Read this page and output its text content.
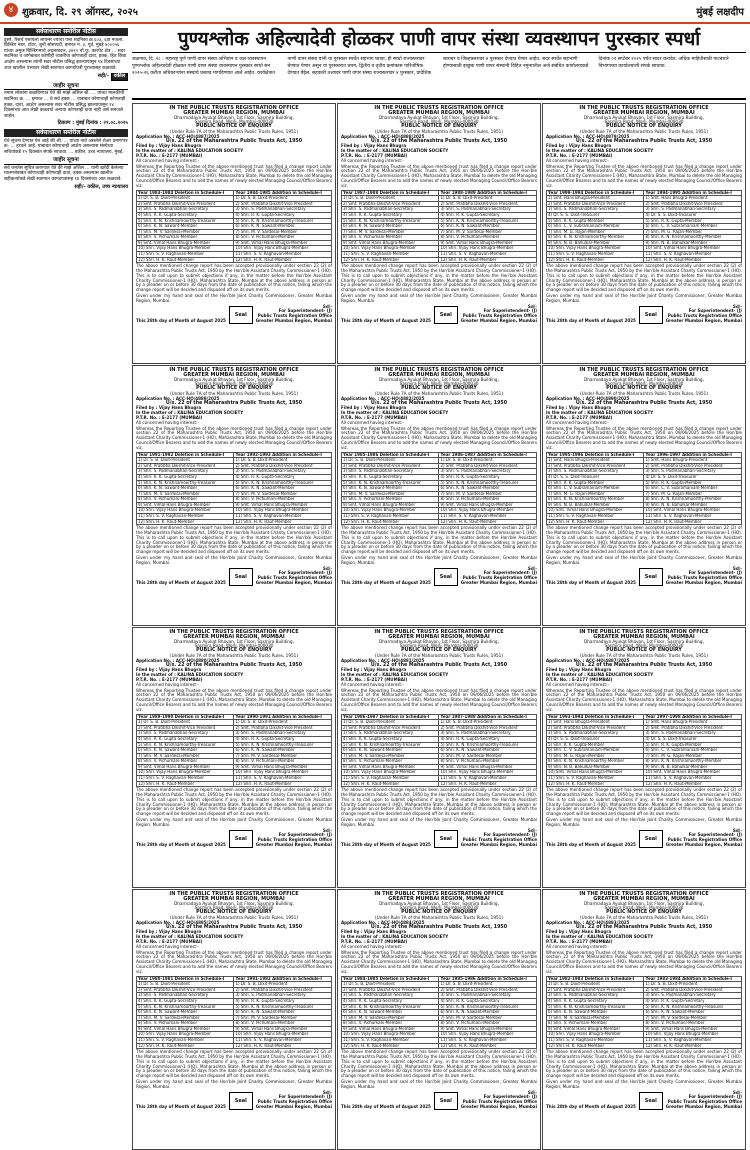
४ शुक्रवार, दि. २९ ऑगस्ट, २०२५	मुंबई लक्षदीप
सर्वसाधारण समोरील नोटीस

दुसरे, रिसर्च एसायला लायन्स ज्याचा पत्ता सदनिका क्र.६०३, ६वा मजला, बिल्डिंग नंबर, टॉवर, जुनी सोसायटी, इमारत नं. ३, पूर्व, मुंबई ४०००५६ यांच्या अमुक बिल्डिंगमध्ये अदलाबदल, ३४९२ चौ.फू. कारपेट क्षेत्र ... सदर सदनिका व जागेबाबत कोणीही व्यक्तीचा कोणताही दावा, हक्क, हित किंवा आक्षेप असल्यास त्यांनी सदर नोटीस प्रसिद्ध झाल्यापासून १४ दिवसांच्या आत खालील पत्त्यावर लेखी स्वरुपात कागदोपत्री पुराव्यासह कळवावे.

सही/- वकील
जाहीर सूचना

तमाम लोकांना कळविण्यात येते की माझे अशिल श्री. ... यांच्या मालकीची सदनिका क्र. ... इमारत ... चे सर्व हक्क ... याबाबत कोणाचाही कोणताही हक्क, दावा, आक्षेप असल्यास सदर नोटीस प्रसिद्ध झाल्यापासून १४ दिवसांच्या आत लेखी कळवावे अन्यथा कोणताही दावा नाही असे समजले जाईल.

ठिकाण : मुंबई दिनांक : २९.०८.२०२५
सर्वसाधारण समोरील नोटीस

येथे सूचना देण्यात येत आहे की श्री. ... यांच्या नावे असलेले शेअर प्रमाणपत्र क्र. ... हरवले आहे. याबाबत कोणाचाही आक्षेप असल्यास संस्थेच्या सचिवांकडे १५ दिवसांत संपर्क साधावा. ... वकील, उच्च न्यायालय, मुंबई.

जाहीर सूचना

सर्व जनतेस सूचित करण्यात येते की माझे अशिल ... यांनी खरेदी केलेल्या मालमत्तेबाबत कोणाचाही कोणताही दावा, हक्क असल्यास खालील सहीकर्त्याकडे लेखी स्वरुपात कागदपत्रांसह १४ दिवसांच्या आत कळवावे.

सही/- वकील, उच्च न्यायालय
पुण्यश्लोक अहिल्यादेवी होळकर पाणी वापर संस्था व्यवस्थापन पुरस्कार स्पर्धा
जळगाव, दि. २८ : महाराष्ट्र पुणे पाणी वापर संस्था अभियान व जल व्यवस्थापन पुण्यश्लोक अहिल्यादेवी होळकर पाणी वापर संस्था व्यवस्थापन पुरस्कार स्पर्धा सन २०२५-२६ करीता अधिकाऱ्यांना संस्थांचे प्रस्ताव मागविण्यात आले आहेत. कार्यक्षेत्रात पाणी वापर संस्था यांनी या पुरस्कार स्पर्धेत सहभाग घ्यावा. ही स्पर्धा राज्यस्तरावर घेण्यात येणार असून या पुरस्कारात प्रथम, द्वितीय व तृतीय क्रमांकास पारितोषिक देण्यात येईल. सहकारी तत्त्वावर पाणी वापर संस्था राज्यस्तरावर ४ पुरस्कार, प्रादेशिक स्तरावर व जिल्हास्तरावर ४ पुरस्कार देण्यात येणार आहेत. सदर स्पर्धेत सहभागी होण्यासाठी इच्छुक पाणी वापर संस्थांनी विहित नमुन्यातील अर्ज संबंधित कार्यालयाकडे दिनांक ०१ सप्टेंबर २०२५ पर्यंत सादर करावेत. अधिक माहितीसाठी पाटबंधारे विभागाच्या कार्यालयाशी संपर्क साधावा.
IN THE PUBLIC TRUSTS REGISTRATION OFFICE
GREATER MUMBAI REGION, MUMBAI
Dharmadaya Ayukat Bhavan, 1st Floor, Sasmira Building,
Sasmira Road, Worli, Mumbai-400030
PUBLIC NOTICE OF ENQUIRY
(Under Rule 7A of the Maharashtra Public Trusts Rules, 1951)
Application No. :
ACC-HO/4887/2025
U/s. 22 of the Maharashtra Public Trusts Act, 1950
Filed by :
Vijay Hans Bhugra
In the matter of :
KALINA EDUCATION SOCIETY
P.T.R. No. :
E-2177 (MUMBAI)
All concerned having interest:-
Whereas the Reporting Trustee of the above mentioned trust has filed a change report under section 22 of the Maharashtra Public Trusts Act, 1950 on 09/06/2025 before the Hon'ble Assistant Charity Commissioner-1 (HO), Maharashtra State, Mumbai to delete the old Managing Council/Office Bearers and to add the names of newly elected Managing Council/Office Bearers viz.
Year 1983-1984 Deletion in Schedule-I	Year 1984-1985 Addition in Schedule-I
1) Dr. S. B. Dixit-President	1) Dr. S. B. Dixit-President
2) Smt. Pratibha Dikshit-Vice President	2) Smt. Pratibha Dikshit-Vice President
3) Shri. S. Padmanabhan-Secretary	3) Shri. S. Padmanabhan-Secretary
4) Shri. R. K. Gupta-Secretary	4) Shri. R. K. Gupta-Secretary
5) Shri. K. N. Krishnamoorthy-Treasurer	5) Shri. K. N. Krishnamoorthy-Treasurer
6) Shri. K. N. Sawant-Member	6) Shri. K. N. Sawant-Member
7) Shri. M. V. Sardesai-Member	7) Shri. M. V. Sardesai-Member
8) Shri. V. Pichumani-Member	8) Shri. V. Pichumani-Member
9) Smt. Vimal Hans Bhugra-Member	9) Smt. Vimal Hans Bhugra-Member
10) Shri. Vijay Hans Bhugra-Member	10) Shri. Vijay Hans Bhugra-Member
11) Shri. S. V. Raghavan-Member	11) Shri. S. V. Raghavan-Member
12) Shri. H. K. Raut-Member	12) Shri. H. K. Raut-Member
The above mentioned change report has been accepted provisionally under section 22 (2) of the Maharashtra Public Trusts Act, 1950 by the Hon'ble Assistant Charity Commissioner-1 (HO). This is to call upon to submit objections if any, in the matter before the Hon'ble Assistant Charity Commissioner-1 (HO), Maharashtra State, Mumbai at the above address in person or by a pleader on or before 30 days from the date of publication of this notice, failing which the change report will be decided and disposed off on its own merits.
Given under my hand and seal of the Hon'ble Joint Charity Commissioner, Greater Mumbai Region, Mumbai.
This 28th day of Month of August 2025
Seal
Sd/-
For Superintendent- (J)
Public Trusts Registration Office
Greater Mumbai Region, Mumbai
IN THE PUBLIC TRUSTS REGISTRATION OFFICE
GREATER MUMBAI REGION, MUMBAI
Dharmadaya Ayukat Bhavan, 1st Floor, Sasmira Building,
Sasmira Road, Worli, Mumbai-400030
PUBLIC NOTICE OF ENQUIRY
(Under Rule 7A of the Maharashtra Public Trusts Rules, 1951)
Application No. :
ACC-HO/4888/2025
U/s. 22 of the Maharashtra Public Trusts Act, 1950
Filed by :
Vijay Hans Bhugra
In the matter of :
KALINA EDUCATION SOCIETY
P.T.R. No. :
E-2177 (MUMBAI)
All concerned having interest:-
Whereas the Reporting Trustee of the above mentioned trust has filed a change report under section 22 of the Maharashtra Public Trusts Act, 1950 on 09/06/2025 before the Hon'ble Assistant Charity Commissioner-1 (HO), Maharashtra State, Mumbai to delete the old Managing Council/Office Bearers and to add the names of newly elected Managing Council/Office Bearers viz.
Year 1987-1988 Deletion in Schedule-I	Year 1988-1989 Addition in Schedule-I
1) Dr. S. B. Dixit-President	1) Dr. S. B. Dixit-President
2) Smt. Pratibha Dikshit-Vice President	2) Smt. Pratibha Dikshit-Vice President
3) Shri. S. Padmanabhan-Secretary	3) Shri. S. Padmanabhan-Secretary
4) Shri. R. K. Gupta-Secretary	4) Shri. R. K. Gupta-Secretary
5) Shri. K. N. Krishnamoorthy-Treasurer	5) Shri. K. N. Krishnamoorthy-Treasurer
6) Shri. K. N. Sawant-Member	6) Shri. K. N. Sawant-Member
7) Shri. M. V. Sardesai-Member	7) Shri. M. V. Sardesai-Member
8) Shri. V. Pichumani-Member	8) Shri. V. Pichumani-Member
9) Smt. Vimal Hans Bhugra-Member	9) Smt. Vimal Hans Bhugra-Member
10) Shri. Vijay Hans Bhugra-Member	10) Shri. Vijay Hans Bhugra-Member
11) Shri. S. V. Raghavan-Member	11) Shri. S. V. Raghavan-Member
12) Shri. H. K. Raut-Member	12) Shri. H. K. Raut-Member
The above mentioned change report has been accepted provisionally under section 22 (2) of the Maharashtra Public Trusts Act, 1950 by the Hon'ble Assistant Charity Commissioner-1 (HO). This is to call upon to submit objections if any, in the matter before the Hon'ble Assistant Charity Commissioner-1 (HO), Maharashtra State, Mumbai at the above address in person or by a pleader on or before 30 days from the date of publication of this notice, failing which the change report will be decided and disposed off on its own merits.
Given under my hand and seal of the Hon'ble Joint Charity Commissioner, Greater Mumbai Region, Mumbai.
This 28th day of Month of August 2025
Seal
Sd/-
For Superintendent- (J)
Public Trusts Registration Office
Greater Mumbai Region, Mumbai
IN THE PUBLIC TRUSTS REGISTRATION OFFICE
GREATER MUMBAI REGION, MUMBAI
Dharmadaya Ayukat Bhavan, 1st Floor, Sasmira Building,
Sasmira Road, Worli, Mumbai-400030
PUBLIC NOTICE OF ENQUIRY
(Under Rule 7A of the Maharashtra Public Trusts Rules, 1951)
Application No. :
ACC-HO/4879/2025
U/s. 22 of the Maharashtra Public Trusts Act, 1950
Filed by :
Vijay Hans Bhugra
In the matter of :
KALINA EDUCATION SOCIETY
P.T.R. No. :
E-2177 (MUMBAI)
All concerned having interest:-
Whereas the Reporting Trustee of the above mentioned trust has filed a change report under section 22 of the Maharashtra Public Trusts Act, 1950 on 09/06/2025 before the Hon'ble Assistant Charity Commissioner-1 (HO), Maharashtra State, Mumbai to delete the old Managing Council/Office Bearers and to add the names of newly elected Managing Council/Office Bearers viz.
Year 1999-1994 Deletion in Schedule-I	Year 1994-1995 Addition in Schedule-I
1) Smt. Hans Bhugra-President	1) Smt. Hans Bhugra-President
2) Smt. Pratibha Dikshit-Vice President	2) Smt. Pratibha Dikshit-Vice President
3) Shri. S. Padmanabhan-Secretary	3) Shri. S. Padmanabhan-Secretary
4) Dr. S. S. Dixit-Treasurer	4) Dr. S. S. Dixit-Treasurer
5) Shri. R. K. Gupta-Member	5) Shri. R. K. Gupta-Member
6) Shri. C. V. Subramaniam-Member	6) Shri. C. V. Subramaniam-Member
7) Shri. M. G. Rajan-Member	7) Shri. M. G. Rajan-Member
8) Shri. K. N. Krishnamoorthy-Member	8) Shri. K. N. Krishnamoorthy-Member
9) Shri. N. B. Bahulkar-Member	9) Shri. N. B. Bahulkar-Member
10) Shri. Vijay Hans Bhugra-Member	10) Smt. Vimal Hans Bhugra-Member
11) Shri. S. V. Raghavan-Member	11) Shri. S. V. Raghavan-Member
12) Shri. H. K. Raut-Member	12) Shri. H. K. Raut-Member
The above mentioned change report has been accepted provisionally under section 22 (2) of the Maharashtra Public Trusts Act, 1950 by the Hon'ble Assistant Charity Commissioner-1 (HO). This is to call upon to submit objections if any, in the matter before the Hon'ble Assistant Charity Commissioner-1 (HO), Maharashtra State, Mumbai at the above address in person or by a pleader on or before 30 days from the date of publication of this notice, failing which the change report will be decided and disposed off on its own merits.
Given under my hand and seal of the Hon'ble Joint Charity Commissioner, Greater Mumbai Region, Mumbai.
This 28th day of Month of August 2025
Seal
Sd/-
For Superintendent- (J)
Public Trusts Registration Office
Greater Mumbai Region, Mumbai
IN THE PUBLIC TRUSTS REGISTRATION OFFICE
GREATER MUMBAI REGION, MUMBAI
Dharmadaya Ayukat Bhavan, 1st Floor, Sasmira Building,
Sasmira Road, Worli, Mumbai-400030
PUBLIC NOTICE OF ENQUIRY
(Under Rule 7A of the Maharashtra Public Trusts Rules, 1951)
Application No. :
ACC-HO/4889/2025
U/s. 22 of the Maharashtra Public Trusts Act, 1950
Filed by :
Vijay Hans Bhugra
In the matter of :
KALINA EDUCATION SOCIETY
P.T.R. No. :
E-2177 (MUMBAI)
All concerned having interest:-
Whereas the Reporting Trustee of the above mentioned trust has filed a change report under section 22 of the Maharashtra Public Trusts Act, 1950 on 09/06/2025 before the Hon'ble Assistant Charity Commissioner-1 (HO), Maharashtra State, Mumbai to delete the old Managing Council/Office Bearers and to add the names of newly elected Managing Council/Office Bearers viz.
Year 1991-1992 Deletion in Schedule-I	Year 1992-1993 Addition in Schedule-I
1) Dr. S. B. Dixit-President	1) Dr. S. B. Dixit-President
2) Smt. Pratibha Dikshit-Vice President	2) Smt. Pratibha Dikshit-Vice President
3) Shri. S. Padmanabhan-Secretary	3) Shri. S. Padmanabhan-Secretary
4) Shri. R. K. Gupta-Secretary	4) Shri. R. K. Gupta-Secretary
5) Shri. K. N. Krishnamoorthy-Treasurer	5) Shri. K. N. Krishnamoorthy-Treasurer
6) Shri. K. N. Sawant-Member	6) Shri. K. N. Sawant-Member
7) Shri. M. V. Sardesai-Member	7) Shri. M. V. Sardesai-Member
8) Shri. V. Pichumani-Member	8) Shri. V. Pichumani-Member
9) Smt. Vimal Hans Bhugra-Member	9) Smt. Vimal Hans Bhugra-Member
10) Shri. Vijay Hans Bhugra-Member	10) Shri. Vijay Hans Bhugra-Member
11) Shri. S. V. Raghavan-Member	11) Shri. S. V. Raghavan-Member
12) Shri. H. K. Raut-Member	12) Shri. H. K. Raut-Member
The above mentioned change report has been accepted provisionally under section 22 (2) of the Maharashtra Public Trusts Act, 1950 by the Hon'ble Assistant Charity Commissioner-1 (HO). This is to call upon to submit objections if any, in the matter before the Hon'ble Assistant Charity Commissioner-1 (HO), Maharashtra State, Mumbai at the above address in person or by a pleader on or before 30 days from the date of publication of this notice, failing which the change report will be decided and disposed off on its own merits.
Given under my hand and seal of the Hon'ble Joint Charity Commissioner, Greater Mumbai Region, Mumbai.
This 28th day of Month of August 2025
Seal
Sd/-
For Superintendent- (J)
Public Trusts Registration Office
Greater Mumbai Region, Mumbai
IN THE PUBLIC TRUSTS REGISTRATION OFFICE
GREATER MUMBAI REGION, MUMBAI
Dharmadaya Ayukat Bhavan, 1st Floor, Sasmira Building,
Sasmira Road, Worli, Mumbai-400030
PUBLIC NOTICE OF ENQUIRY
(Under Rule 7A of the Maharashtra Public Trusts Rules, 1951)
Application No. :
ACC-HO/4882/2025
U/s. 22 of the Maharashtra Public Trusts Act, 1950
Filed by :
Vijay Hans Bhugra
In the matter of :
KALINA EDUCATION SOCIETY
P.T.R. No. :
E-2177 (MUMBAI)
All concerned having interest:-
Whereas the Reporting Trustee of the above mentioned trust has filed a change report under section 22 of the Maharashtra Public Trusts Act, 1950 on 09/06/2025 before the Hon'ble Assistant Charity Commissioner-1 (HO), Maharashtra State, Mumbai to delete the old Managing Council/Office Bearers and to add the names of newly elected Managing Council/Office Bearers viz.
Year 1985-1986 Deletion in Schedule-I	Year 1986-1987 Addition in Schedule-I
1) Dr. S. B. Dixit-President	1) Dr. S. B. Dixit-President
2) Smt. Pratibha Dikshit-Vice President	2) Smt. Pratibha Dikshit-Vice President
3) Shri. S. Padmanabhan-Secretary	3) Shri. S. Padmanabhan-Secretary
4) Shri. R. K. Gupta-Secretary	4) Shri. R. K. Gupta-Secretary
5) Shri. K. N. Krishnamoorthy-Treasurer	5) Shri. K. N. Krishnamoorthy-Treasurer
6) Shri. K. N. Sawant-Member	6) Shri. K. N. Sawant-Member
7) Shri. M. V. Sardesai-Member	7) Shri. M. V. Sardesai-Member
8) Shri. V. Pichumani-Member	8) Shri. V. Pichumani-Member
9) Smt. Vimal Hans Bhugra-Member	9) Smt. Vimal Hans Bhugra-Member
10) Shri. Vijay Hans Bhugra-Member	10) Shri. Vijay Hans Bhugra-Member
11) Shri. S. V. Raghavan-Member	11) Shri. S. V. Raghavan-Member
12) Shri. H. K. Raut-Member	12) Shri. H. K. Raut-Member
The above mentioned change report has been accepted provisionally under section 22 (2) of the Maharashtra Public Trusts Act, 1950 by the Hon'ble Assistant Charity Commissioner-1 (HO). This is to call upon to submit objections if any, in the matter before the Hon'ble Assistant Charity Commissioner-1 (HO), Maharashtra State, Mumbai at the above address in person or by a pleader on or before 30 days from the date of publication of this notice, failing which the change report will be decided and disposed off on its own merits.
Given under my hand and seal of the Hon'ble Joint Charity Commissioner, Greater Mumbai Region, Mumbai.
This 28th day of Month of August 2025
Seal
Sd/-
For Superintendent- (J)
Public Trusts Registration Office
Greater Mumbai Region, Mumbai
IN THE PUBLIC TRUSTS REGISTRATION OFFICE
GREATER MUMBAI REGION, MUMBAI
Dharmadaya Ayukat Bhavan, 1st Floor, Sasmira Building,
Sasmira Road, Worli, Mumbai-400030
PUBLIC NOTICE OF ENQUIRY
(Under Rule 7A of the Maharashtra Public Trusts Rules, 1951)
Application No. :
ACC-HO/4890/2025
U/s. 22 of the Maharashtra Public Trusts Act, 1950
Filed by :
Vijay Hans Bhugra
In the matter of :
KALINA EDUCATION SOCIETY
P.T.R. No. :
E-2177 (MUMBAI)
All concerned having interest:-
Whereas the Reporting Trustee of the above mentioned trust has filed a change report under section 22 of the Maharashtra Public Trusts Act, 1950 on 09/06/2025 before the Hon'ble Assistant Charity Commissioner-1 (HO), Maharashtra State, Mumbai to delete the old Managing Council/Office Bearers and to add the names of newly elected Managing Council/Office Bearers viz.
Year 1995-1996 Deletion in Schedule-I	Year 1996-1997 Addition in Schedule-I
1) Smt. Hans Bhugra-President	1) Smt. Hans Bhugra-President
2) Smt. Pratibha Dikshit-Vice President	2) Smt. Pratibha Dikshit-Vice President
3) Shri. S. Padmanabhan-Secretary	3) Shri. S. Padmanabhan-Secretary
4) Dr. S. S. Dixit-Treasurer	4) Dr. S. S. Dixit-Treasurer
5) Shri. R. K. Gupta-Member	5) Shri. R. K. Gupta-Member
6) Shri. C. V. Subramaniam-Member	6) Shri. C. V. Subramaniam-Member
7) Shri. M. G. Rajan-Member	7) Shri. M. G. Rajan-Member
8) Shri. K. N. Krishnamoorthy-Member	8) Shri. K. N. Krishnamoorthy-Member
9) Shri. N. B. Bahulkar-Member	9) Shri. N. B. Bahulkar-Member
10) Smt. Vimal Hans Bhugra-Member	10) Smt. Vimal Hans Bhugra-Member
11) Shri. S. V. Raghavan-Member	11) Shri. S. V. Raghavan-Member
12) Shri. H. K. Raut-Member	12) Shri. H. K. Raut-Member
The above mentioned change report has been accepted provisionally under section 22 (2) of the Maharashtra Public Trusts Act, 1950 by the Hon'ble Assistant Charity Commissioner-1 (HO). This is to call upon to submit objections if any, in the matter before the Hon'ble Assistant Charity Commissioner-1 (HO), Maharashtra State, Mumbai at the above address in person or by a pleader on or before 30 days from the date of publication of this notice, failing which the change report will be decided and disposed off on its own merits.
Given under my hand and seal of the Hon'ble Joint Charity Commissioner, Greater Mumbai Region, Mumbai.
This 28th day of Month of August 2025
Seal
Sd/-
For Superintendent- (J)
Public Trusts Registration Office
Greater Mumbai Region, Mumbai
IN THE PUBLIC TRUSTS REGISTRATION OFFICE
GREATER MUMBAI REGION, MUMBAI
Dharmadaya Ayukat Bhavan, 1st Floor, Sasmira Building,
Sasmira Road, Worli, Mumbai-400030
PUBLIC NOTICE OF ENQUIRY
(Under Rule 7A of the Maharashtra Public Trusts Rules, 1951)
Application No. :
ACC-HO/4880/2025
U/s. 22 of the Maharashtra Public Trusts Act, 1950
Filed by :
Vijay Hans Bhugra
In the matter of :
KALINA EDUCATION SOCIETY
P.T.R. No. :
E-2177 (MUMBAI)
All concerned having interest:-
Whereas the Reporting Trustee of the above mentioned trust has filed a change report under section 22 of the Maharashtra Public Trusts Act, 1950 on 09/06/2025 before the Hon'ble Assistant Charity Commissioner-1 (HO), Maharashtra State, Mumbai to delete the old Managing Council/Office Bearers and to add the names of newly elected Managing Council/Office Bearers viz.
Year 1989-1990 Deletion in Schedule-I	Year 1990-1991 Addition in Schedule-I
1) Dr. S. B. Dixit-President	1) Dr. S. B. Dixit-President
2) Smt. Pratibha Dikshit-Vice President	2) Smt. Pratibha Dikshit-Vice President
3) Shri. S. Padmanabhan-Secretary	3) Shri. S. Padmanabhan-Secretary
4) Shri. R. K. Gupta-Secretary	4) Shri. R. K. Gupta-Secretary
5) Shri. K. N. Krishnamoorthy-Treasurer	5) Shri. K. N. Krishnamoorthy-Treasurer
6) Shri. K. N. Sawant-Member	6) Shri. K. N. Sawant-Member
7) Shri. M. V. Sardesai-Member	7) Shri. M. V. Sardesai-Member
8) Shri. V. Pichumani-Member	8) Shri. V. Pichumani-Member
9) Smt. Vimal Hans Bhugra-Member	9) Smt. Vimal Hans Bhugra-Member
10) Shri. Vijay Hans Bhugra-Member	10) Shri. Vijay Hans Bhugra-Member
11) Shri. S. V. Raghavan-Member	11) Shri. S. V. Raghavan-Member
12) Shri. H. K. Raut-Member	12) Shri. H. K. Raut-Member
The above mentioned change report has been accepted provisionally under section 22 (2) of the Maharashtra Public Trusts Act, 1950 by the Hon'ble Assistant Charity Commissioner-1 (HO). This is to call upon to submit objections if any, in the matter before the Hon'ble Assistant Charity Commissioner-1 (HO), Maharashtra State, Mumbai at the above address in person or by a pleader on or before 30 days from the date of publication of this notice, failing which the change report will be decided and disposed off on its own merits.
Given under my hand and seal of the Hon'ble Joint Charity Commissioner, Greater Mumbai Region, Mumbai.
This 28th day of Month of August 2025
Seal
Sd/-
For Superintendent- (J)
Public Trusts Registration Office
Greater Mumbai Region, Mumbai
IN THE PUBLIC TRUSTS REGISTRATION OFFICE
GREATER MUMBAI REGION, MUMBAI
Dharmadaya Ayukat Bhavan, 1st Floor, Sasmira Building,
Sasmira Road, Worli, Mumbai-400030
PUBLIC NOTICE OF ENQUIRY
(Under Rule 7A of the Maharashtra Public Trusts Rules, 1951)
Application No. :
ACC-HO/4881/2025
U/s. 22 of the Maharashtra Public Trusts Act, 1950
Filed by :
Vijay Hans Bhugra
In the matter of :
KALINA EDUCATION SOCIETY
P.T.R. No. :
E-2177 (MUMBAI)
All concerned having interest:-
Whereas the Reporting Trustee of the above mentioned trust has filed a change report under section 22 of the Maharashtra Public Trusts Act, 1950 on 09/06/2025 before the Hon'ble Assistant Charity Commissioner-1 (HO), Maharashtra State, Mumbai to delete the old Managing Council/Office Bearers and to add the names of newly elected Managing Council/Office Bearers viz.
Year 1986-1987 Deletion in Schedule-I	Year 1987-1988 Addition in Schedule-I
1) Dr. S. B. Dixit-President	1) Dr. S. B. Dixit-President
2) Smt. Pratibha Dikshit-Vice President	2) Smt. Pratibha Dikshit-Vice President
3) Shri. S. Padmanabhan-Secretary	3) Shri. S. Padmanabhan-Secretary
4) Shri. R. K. Gupta-Secretary	4) Shri. R. K. Gupta-Secretary
5) Shri. K. N. Krishnamoorthy-Treasurer	5) Shri. K. N. Krishnamoorthy-Treasurer
6) Shri. K. N. Sawant-Member	6) Shri. K. N. Sawant-Member
7) Shri. M. V. Sardesai-Member	7) Shri. M. V. Sardesai-Member
8) Shri. V. Pichumani-Member	8) Shri. V. Pichumani-Member
9) Smt. Vimal Hans Bhugra-Member	9) Smt. Vimal Hans Bhugra-Member
10) Shri. Vijay Hans Bhugra-Member	10) Shri. Vijay Hans Bhugra-Member
11) Shri. S. V. Raghavan-Member	11) Shri. S. V. Raghavan-Member
12) Shri. H. K. Raut-Member	12) Shri. H. K. Raut-Member
The above mentioned change report has been accepted provisionally under section 22 (2) of the Maharashtra Public Trusts Act, 1950 by the Hon'ble Assistant Charity Commissioner-1 (HO). This is to call upon to submit objections if any, in the matter before the Hon'ble Assistant Charity Commissioner-1 (HO), Maharashtra State, Mumbai at the above address in person or by a pleader on or before 30 days from the date of publication of this notice, failing which the change report will be decided and disposed off on its own merits.
Given under my hand and seal of the Hon'ble Joint Charity Commissioner, Greater Mumbai Region, Mumbai.
This 28th day of Month of August 2025
Seal
Sd/-
For Superintendent- (J)
Public Trusts Registration Office
Greater Mumbai Region, Mumbai
IN THE PUBLIC TRUSTS REGISTRATION OFFICE
GREATER MUMBAI REGION, MUMBAI
Dharmadaya Ayukat Bhavan, 1st Floor, Sasmira Building,
Sasmira Road, Worli, Mumbai-400030
PUBLIC NOTICE OF ENQUIRY
(Under Rule 7A of the Maharashtra Public Trusts Rules, 1951)
Application No. :
ACC-HO/4887/2025
U/s. 22 of the Maharashtra Public Trusts Act, 1950
Filed by :
Vijay Hans Bhugra
In the matter of :
KALINA EDUCATION SOCIETY
P.T.R. No. :
E-2177 (MUMBAI)
All concerned having interest:-
Whereas the Reporting Trustee of the above mentioned trust has filed a change report under section 22 of the Maharashtra Public Trusts Act, 1950 on 09/06/2025 before the Hon'ble Assistant Charity Commissioner-1 (HO), Maharashtra State, Mumbai to delete the old Managing Council/Office Bearers and to add the names of newly elected Managing Council/Office Bearers viz.
Year 1993-1994 Deletion in Schedule-I	Year 1997-1998 Addition in Schedule-I
1) Smt. Hans Bhugra-President	1) Smt. Hans Bhugra-President
2) Smt. Pratibha Dikshit-Vice President	2) Smt. Pratibha Dikshit-Vice President
3) Shri. S. Padmanabhan-Secretary	3) Shri. S. Padmanabhan-Secretary
4) Dr. S. S. Dixit-Treasurer	4) Dr. S. S. Dixit-Treasurer
5) Shri. R. K. Gupta-Member	5) Shri. R. K. Gupta-Member
6) Shri. C. V. Subramaniam-Member	6) Shri. C. V. Subramaniam-Member
7) Shri. M. G. Rajan-Member	7) Shri. M. G. Rajan-Member
8) Shri. K. N. Krishnamoorthy-Member	8) Shri. K. N. Krishnamoorthy-Member
9) Shri. N. B. Bahulkar-Member	9) Shri. N. B. Bahulkar-Member
10) Smt. Vimal Hans Bhugra-Member	10) Smt. Vimal Hans Bhugra-Member
11) Shri. S. V. Raghavan-Member	11) Shri. S. V. Raghavan-Member
12) Shri. H. K. Raut-Member	12) Shri. H. K. Raut-Member
The above mentioned change report has been accepted provisionally under section 22 (2) of the Maharashtra Public Trusts Act, 1950 by the Hon'ble Assistant Charity Commissioner-1 (HO). This is to call upon to submit objections if any, in the matter before the Hon'ble Assistant Charity Commissioner-1 (HO), Maharashtra State, Mumbai at the above address in person or by a pleader on or before 30 days from the date of publication of this notice, failing which the change report will be decided and disposed off on its own merits.
Given under my hand and seal of the Hon'ble Joint Charity Commissioner, Greater Mumbai Region, Mumbai.
This 28th day of Month of August 2025
Seal
Sd/-
For Superintendent- (J)
Public Trusts Registration Office
Greater Mumbai Region, Mumbai
IN THE PUBLIC TRUSTS REGISTRATION OFFICE
GREATER MUMBAI REGION, MUMBAI
Dharmadaya Ayukat Bhavan, 1st Floor, Sasmira Building,
Sasmira Road, Worli, Mumbai-400030
PUBLIC NOTICE OF ENQUIRY
(Under Rule 7A of the Maharashtra Public Trusts Rules, 1951)
Application No. :
ACC-HO/4885/2025
U/s. 22 of the Maharashtra Public Trusts Act, 1950
Filed by :
Vijay Hans Bhugra
In the matter of :
KALINA EDUCATION SOCIETY
P.T.R. No. :
E-2177 (MUMBAI)
All concerned having interest:-
Whereas the Reporting Trustee of the above mentioned trust has filed a change report under section 22 of the Maharashtra Public Trusts Act, 1950 on 09/06/2025 before the Hon'ble Assistant Charity Commissioner-1 (HO), Maharashtra State, Mumbai to delete the old Managing Council/Office Bearers and to add the names of newly elected Managing Council/Office Bearers viz.
Year 1980-1981 Deletion in Schedule-I	Year 1981-1982 Addition in Schedule-I
1) Dr. S. B. Dixit-President	1) Dr. S. B. Dixit-President
2) Smt. Pratibha Dikshit-Vice President	2) Smt. Pratibha Dikshit-Vice President
3) Shri. S. Padmanabhan-Secretary	3) Shri. S. Padmanabhan-Secretary
4) Shri. R. K. Gupta-Secretary	4) Shri. R. K. Gupta-Secretary
5) Shri. K. N. Krishnamoorthy-Treasurer	5) Shri. K. N. Krishnamoorthy-Treasurer
6) Shri. K. N. Sawant-Member	6) Shri. K. N. Sawant-Member
7) Shri. M. V. Sardesai-Member	7) Shri. M. V. Sardesai-Member
8) Shri. V. Pichumani-Member	8) Shri. V. Pichumani-Member
9) Smt. Vimal Hans Bhugra-Member	9) Smt. Vimal Hans Bhugra-Member
10) Shri. Vijay Hans Bhugra-Member	10) Shri. Vijay Hans Bhugra-Member
11) Shri. S. V. Raghavan-Member	11) Shri. S. V. Raghavan-Member
12) Shri. H. K. Raut-Member	12) Shri. H. K. Raut-Member
The above mentioned change report has been accepted provisionally under section 22 (2) of the Maharashtra Public Trusts Act, 1950 by the Hon'ble Assistant Charity Commissioner-1 (HO). This is to call upon to submit objections if any, in the matter before the Hon'ble Assistant Charity Commissioner-1 (HO), Maharashtra State, Mumbai at the above address in person or by a pleader on or before 30 days from the date of publication of this notice, failing which the change report will be decided and disposed off on its own merits.
Given under my hand and seal of the Hon'ble Joint Charity Commissioner, Greater Mumbai Region, Mumbai.
This 28th day of Month of August 2025
Seal
Sd/-
For Superintendent- (J)
Public Trusts Registration Office
Greater Mumbai Region, Mumbai
IN THE PUBLIC TRUSTS REGISTRATION OFFICE
GREATER MUMBAI REGION, MUMBAI
Dharmadaya Ayukat Bhavan, 1st Floor, Sasmira Building,
Sasmira Road, Worli, Mumbai-400030
PUBLIC NOTICE OF ENQUIRY
(Under Rule 7A of the Maharashtra Public Trusts Rules, 1951)
Application No. :
ACC-HO/4884/2025
U/s. 22 of the Maharashtra Public Trusts Act, 1950
Filed by :
Vijay Hans Bhugra
In the matter of :
KALINA EDUCATION SOCIETY
P.T.R. No. :
E-2177 (MUMBAI)
All concerned having interest:-
Whereas the Reporting Trustee of the above mentioned trust has filed a change report under section 22 of the Maharashtra Public Trusts Act, 1950 on 09/06/2025 before the Hon'ble Assistant Charity Commissioner-1 (HO), Maharashtra State, Mumbai to delete the old Managing Council/Office Bearers and to add the names of newly elected Managing Council/Office Bearers viz.
Year 1984-1985 Deletion in Schedule-I	Year 1985-1986 Addition in Schedule-I
1) Dr. S. B. Dixit-President	1) Dr. S. B. Dixit-President
2) Smt. Pratibha Dikshit-Vice President	2) Smt. Pratibha Dikshit-Vice President
3) Shri. S. Padmanabhan-Secretary	3) Shri. S. Padmanabhan-Secretary
4) Shri. R. K. Gupta-Secretary	4) Shri. R. K. Gupta-Secretary
5) Shri. K. N. Krishnamoorthy-Treasurer	5) Shri. K. N. Krishnamoorthy-Treasurer
6) Shri. K. N. Sawant-Member	6) Shri. K. N. Sawant-Member
7) Shri. M. V. Sardesai-Member	7) Shri. M. V. Sardesai-Member
8) Shri. V. Pichumani-Member	8) Shri. V. Pichumani-Member
9) Smt. Vimal Hans Bhugra-Member	9) Smt. Vimal Hans Bhugra-Member
10) Shri. Vijay Hans Bhugra-Member	10) Shri. Vijay Hans Bhugra-Member
11) Shri. S. V. Raghavan-Member	11) Shri. S. V. Raghavan-Member
12) Shri. H. K. Raut-Member	12) Shri. H. K. Raut-Member
The above mentioned change report has been accepted provisionally under section 22 (2) of the Maharashtra Public Trusts Act, 1950 by the Hon'ble Assistant Charity Commissioner-1 (HO). This is to call upon to submit objections if any, in the matter before the Hon'ble Assistant Charity Commissioner-1 (HO), Maharashtra State, Mumbai at the above address in person or by a pleader on or before 30 days from the date of publication of this notice, failing which the change report will be decided and disposed off on its own merits.
Given under my hand and seal of the Hon'ble Joint Charity Commissioner, Greater Mumbai Region, Mumbai.
This 28th day of Month of August 2025
Seal
Sd/-
For Superintendent- (J)
Public Trusts Registration Office
Greater Mumbai Region, Mumbai
IN THE PUBLIC TRUSTS REGISTRATION OFFICE
GREATER MUMBAI REGION, MUMBAI
Dharmadaya Ayukat Bhavan, 1st Floor, Sasmira Building,
Sasmira Road, Worli, Mumbai-400030
PUBLIC NOTICE OF ENQUIRY
(Under Rule 7A of the Maharashtra Public Trusts Rules, 1951)
Application No. :
ACC-HO/4883/2025
U/s. 22 of the Maharashtra Public Trusts Act, 1950
Filed by :
Vijay Hans Bhugra
In the matter of :
KALINA EDUCATION SOCIETY
P.T.R. No. :
E-2177 (MUMBAI)
All concerned having interest:-
Whereas the Reporting Trustee of the above mentioned trust has filed a change report under section 22 of the Maharashtra Public Trusts Act, 1950 on 09/06/2025 before the Hon'ble Assistant Charity Commissioner-1 (HO), Maharashtra State, Mumbai to delete the old Managing Council/Office Bearers and to add the names of newly elected Managing Council/Office Bearers viz.
Year 1982-1983 Deletion in Schedule-I	Year 1983-1984 Addition in Schedule-I
1) Dr. S. B. Dixit-President	1) Dr. S. B. Dixit-President
2) Smt. Pratibha Dikshit-Vice President	2) Smt. Pratibha Dikshit-Vice President
3) Shri. S. Padmanabhan-Secretary	3) Shri. S. Padmanabhan-Secretary
4) Shri. R. K. Gupta-Secretary	4) Shri. R. K. Gupta-Secretary
5) Shri. K. N. Krishnamoorthy-Treasurer	5) Shri. K. N. Krishnamoorthy-Treasurer
6) Shri. K. N. Sawant-Member	6) Shri. K. N. Sawant-Member
7) Shri. M. V. Sardesai-Member	7) Shri. M. V. Sardesai-Member
8) Shri. V. Pichumani-Member	8) Shri. V. Pichumani-Member
9) Smt. Vimal Hans Bhugra-Member	9) Smt. Vimal Hans Bhugra-Member
10) Shri. Vijay Hans Bhugra-Member	10) Shri. Vijay Hans Bhugra-Member
11) Shri. S. V. Raghavan-Member	11) Shri. S. V. Raghavan-Member
12) Shri. H. K. Raut-Member	12) Shri. H. K. Raut-Member
The above mentioned change report has been accepted provisionally under section 22 (2) of the Maharashtra Public Trusts Act, 1950 by the Hon'ble Assistant Charity Commissioner-1 (HO). This is to call upon to submit objections if any, in the matter before the Hon'ble Assistant Charity Commissioner-1 (HO), Maharashtra State, Mumbai at the above address in person or by a pleader on or before 30 days from the date of publication of this notice, failing which the change report will be decided and disposed off on its own merits.
Given under my hand and seal of the Hon'ble Joint Charity Commissioner, Greater Mumbai Region, Mumbai.
This 28th day of Month of August 2025
Seal
Sd/-
For Superintendent- (J)
Public Trusts Registration Office
Greater Mumbai Region, Mumbai
